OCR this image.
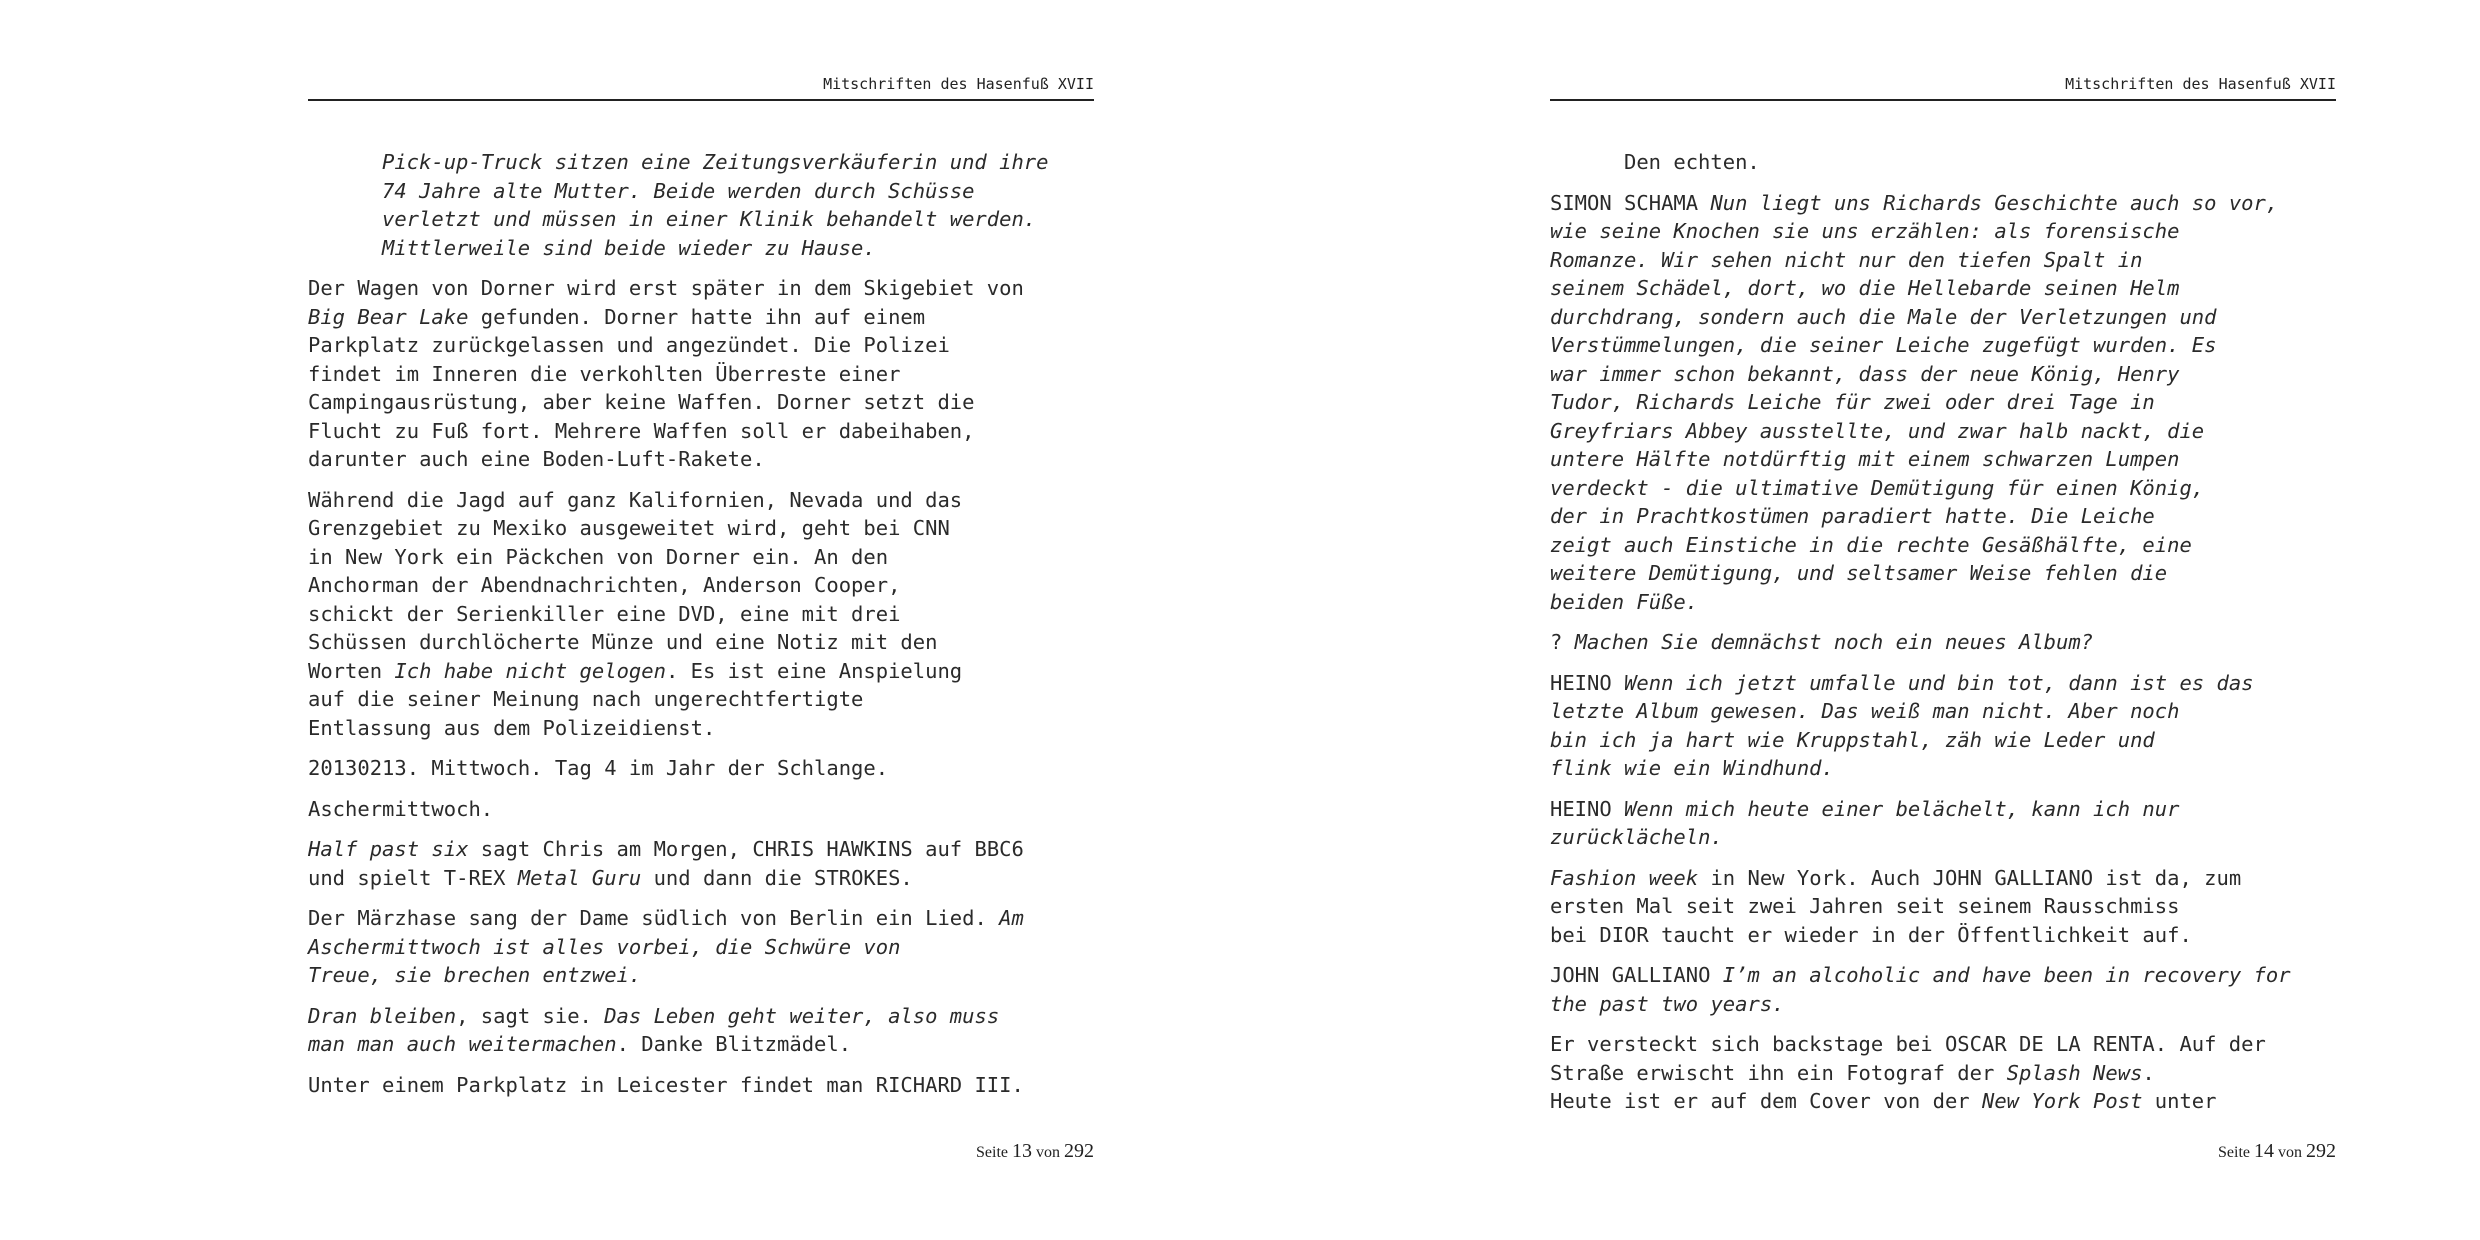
Mitschriften des Hasenfuß XVII
Pick-up-Truck sitzen eine Zeitungsverkäuferin und ihre
74 Jahre alte Mutter. Beide werden durch Schüsse
verletzt und müssen in einer Klinik behandelt werden.
Mittlerweile sind beide wieder zu Hause.
Der Wagen von Dorner wird erst später in dem Skigebiet von
Big Bear Lake gefunden. Dorner hatte ihn auf einem
Parkplatz zurückgelassen und angezündet. Die Polizei
findet im Inneren die verkohlten Überreste einer
Campingausrüstung, aber keine Waffen. Dorner setzt die
Flucht zu Fuß fort. Mehrere Waffen soll er dabeihaben,
darunter auch eine Boden-Luft-Rakete.
Während die Jagd auf ganz Kalifornien, Nevada und das
Grenzgebiet zu Mexiko ausgeweitet wird, geht bei CNN
in New York ein Päckchen von Dorner ein. An den
Anchorman der Abendnachrichten, Anderson Cooper,
schickt der Serienkiller eine DVD, eine mit drei
Schüssen durchlöcherte Münze und eine Notiz mit den
Worten Ich habe nicht gelogen. Es ist eine Anspielung
auf die seiner Meinung nach ungerechtfertigte
Entlassung aus dem Polizeidienst.
20130213. Mittwoch. Tag 4 im Jahr der Schlange.
Aschermittwoch.
Half past six sagt Chris am Morgen, CHRIS HAWKINS auf BBC6
und spielt T-REX Metal Guru und dann die STROKES.
Der Märzhase sang der Dame südlich von Berlin ein Lied. Am
Aschermittwoch ist alles vorbei, die Schwüre von
Treue, sie brechen entzwei.
Dran bleiben, sagt sie. Das Leben geht weiter, also muss
man man auch weitermachen. Danke Blitzmädel.
Unter einem Parkplatz in Leicester findet man RICHARD III.
Seite 13 von 292
Mitschriften des Hasenfuß XVII
Den echten.
SIMON SCHAMA Nun liegt uns Richards Geschichte auch so vor,
wie seine Knochen sie uns erzählen: als forensische
Romanze. Wir sehen nicht nur den tiefen Spalt in
seinem Schädel, dort, wo die Hellebarde seinen Helm
durchdrang, sondern auch die Male der Verletzungen und
Verstümmelungen, die seiner Leiche zugefügt wurden. Es
war immer schon bekannt, dass der neue König, Henry
Tudor, Richards Leiche für zwei oder drei Tage in
Greyfriars Abbey ausstellte, und zwar halb nackt, die
untere Hälfte notdürftig mit einem schwarzen Lumpen
verdeckt - die ultimative Demütigung für einen König,
der in Prachtkostümen paradiert hatte. Die Leiche
zeigt auch Einstiche in die rechte Gesäßhälfte, eine
weitere Demütigung, und seltsamer Weise fehlen die
beiden Füße.
? Machen Sie demnächst noch ein neues Album?
HEINO Wenn ich jetzt umfalle und bin tot, dann ist es das
letzte Album gewesen. Das weiß man nicht. Aber noch
bin ich ja hart wie Kruppstahl, zäh wie Leder und
flink wie ein Windhund.
HEINO Wenn mich heute einer belächelt, kann ich nur
zurücklächeln.
Fashion week in New York. Auch JOHN GALLIANO ist da, zum
ersten Mal seit zwei Jahren seit seinem Rausschmiss
bei DIOR taucht er wieder in der Öffentlichkeit auf.
JOHN GALLIANO I’m an alcoholic and have been in recovery for
the past two years.
Er versteckt sich backstage bei OSCAR DE LA RENTA. Auf der
Straße erwischt ihn ein Fotograf der Splash News.
Heute ist er auf dem Cover von der New York Post unter
Seite 14 von 292
